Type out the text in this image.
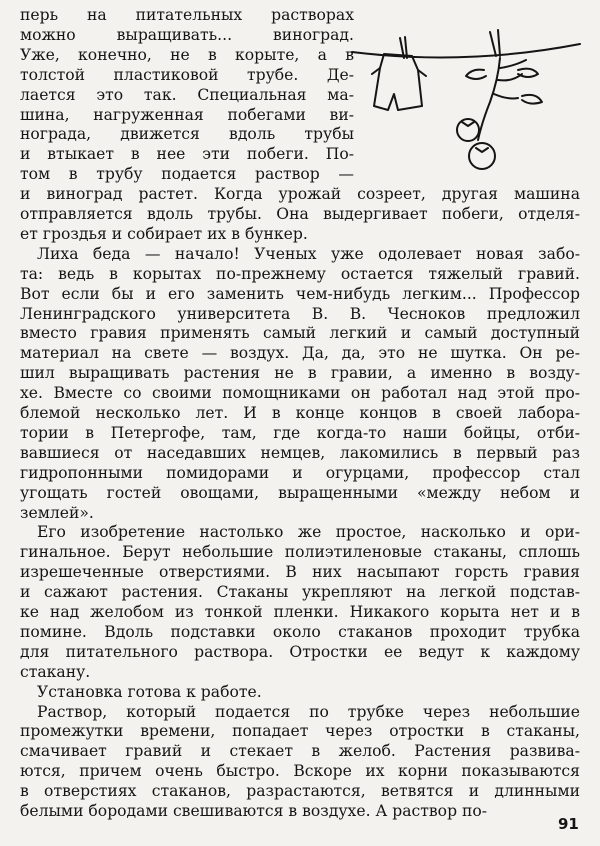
91
перь на питательных растворах
можно выращивать... виноград.
Уже, конечно, не в корыте, а в
толстой пластиковой трубе. Де-
лается это так. Специальная ма-
шина, нагруженная побегами ви-
нограда, движется вдоль трубы
и втыкает в нее эти побеги. По-
том в трубу подается раствор —
и виноград растет. Когда урожай созреет, другая машина
отправляется вдоль трубы. Она выдергивает побеги, отделя-
ет гроздья и собирает их в бункер.
Лиха беда — начало! Ученых уже одолевает новая забо-
та: ведь в корытах по-прежнему остается тяжелый гравий.
Вот если бы и его заменить чем-нибудь легким... Профессор
Ленинградского университета В. В. Чесноков предложил
вместо гравия применять самый легкий и самый доступный
материал на свете — воздух. Да, да, это не шутка. Он ре-
шил выращивать растения не в гравии, а именно в возду-
хе. Вместе со своими помощниками он работал над этой про-
блемой несколько лет. И в конце концов в своей лабора-
тории в Петергофе, там, где когда-то наши бойцы, отби-
вавшиеся от наседавших немцев, лакомились в первый раз
гидропонными помидорами и огурцами, профессор стал
угощать гостей овощами, выращенными «между небом и
землей».
Его изобретение настолько же простое, насколько и ори-
гинальное. Берут небольшие полиэтиленовые стаканы, сплошь
изрешеченные отверстиями. В них насыпают горсть гравия
и сажают растения. Стаканы укрепляют на легкой подстав-
ке над желобом из тонкой пленки. Никакого корыта нет и в
помине. Вдоль подставки около стаканов проходит трубка
для питательного раствора. Отростки ее ведут к каждому
стакану.
Установка готова к работе.
Раствор, который подается по трубке через небольшие
промежутки времени, попадает через отростки в стаканы,
смачивает гравий и стекает в желоб. Растения развива-
ются, причем очень быстро. Вскоре их корни показываются
в отверстиях стаканов, разрастаются, ветвятся и длинными
белыми бородами свешиваются в воздухе. А раствор по-
